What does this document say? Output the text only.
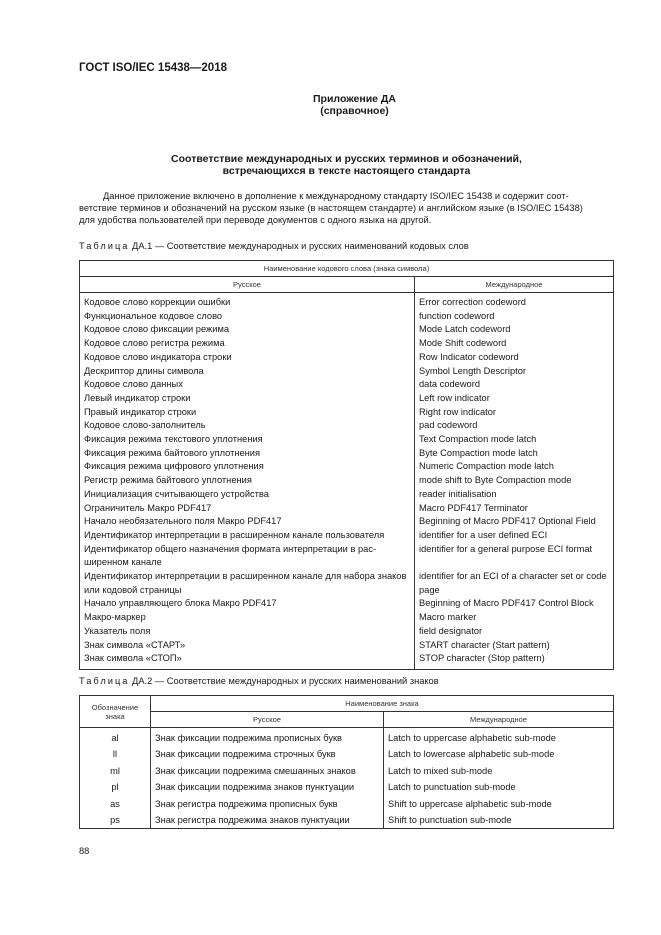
ГОСТ ISO/IEC 15438—2018
Приложение ДА
(справочное)
Соответствие международных и русских терминов и обозначений,
встречающихся в тексте настоящего стандарта
Данное приложение включено в дополнение к международному стандарту ISO/IEC 15438 и содержит соот-
ветствие терминов и обозначений на русском языке (в настоящем стандарте) и английском языке (в ISO/IEC 15438)
для удобства пользователей при переводе документов с одного языка на другой.
Таблица ДА.1 — Соответствие международных и русских наименований кодовых слов
Наименование кодового слова (знака символа)	
Русское	Международное
Кодовое слово коррекции ошибки	Error correction codeword
Функциональное кодовое слово	function codeword
Кодовое слово фиксации режима	Mode Latch codeword
Кодовое слово регистра режима	Mode Shift codeword
Кодовое слово индикатора строки	Row Indicator codeword
Дескриптор длины символа	Symbol Length Descriptor
Кодовое слово данных	data codeword
Левый индикатор строки	Left row indicator
Правый индикатор строки	Right row indicator
Кодовое слово-заполнитель	pad codeword
Фиксация режима текстового уплотнения	Text Compaction mode latch
Фиксация режима байтового уплотнения	Byte Compaction mode latch
Фиксация режима цифрового уплотнения	Numeric Compaction mode latch
Регистр режима байтового уплотнения	mode shift to Byte Compaction mode
Инициализация считывающего устройства	reader initialisation
Ограничитель Макро PDF417	Macro PDF417 Terminator
Начало необязательного поля Макро PDF417	Beginning of Macro PDF417 Optional Field
Идентификатор интерпретации в расширенном канале пользователя	identifier for a user defined ECI
Идентификатор общего назначения формата интерпретации в рас- ширенном канале	identifier for a general purpose ECI format
Идентификатор интерпретации в расширенном канале для набора знаков или кодовой страницы	identifier for an ECI of a character set or code page
Начало управляющего блока Макро PDF417	Beginning of Macro PDF417 Control Block
Макро-маркер	Macro marker
Указатель поля	field designator
Знак символа «СТАРТ»	START character (Start pattern)
Знак символа «СТОП»	STOP character (Stop pattern)
Таблица ДА.2 — Соответствие международных и русских наименований знаков
Обозначение знака	Наименование знака	
	Русское	Международное
al	Знак фиксации подрежима прописных букв	Latch to uppercase alphabetic sub-mode
ll	Знак фиксации подрежима строчных букв	Latch to lowercase alphabetic sub-mode
ml	Знак фиксации подрежима смешанных знаков	Latch to mixed sub-mode
pl	Знак фиксации подрежима знаков пунктуации	Latch to punctuation sub-mode
as	Знак регистра подрежима прописных букв	Shift to uppercase alphabetic sub-mode
ps	Знак регистра подрежима знаков пунктуации	Shift to punctuation sub-mode
88
